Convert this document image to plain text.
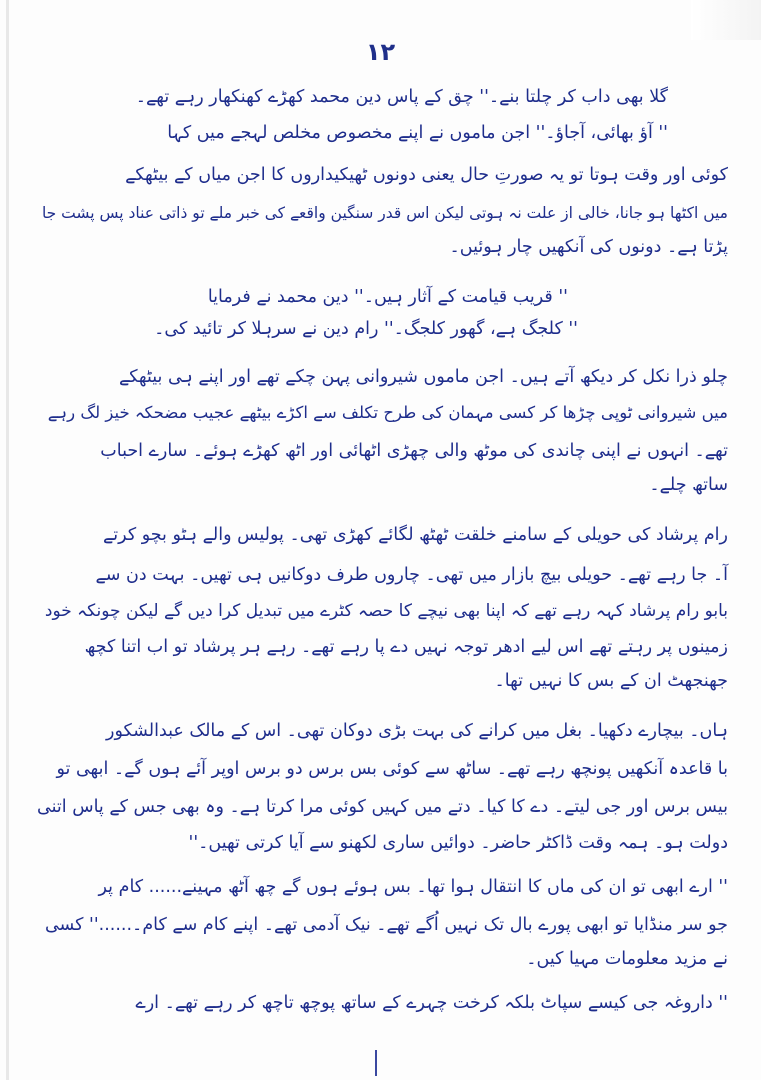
١٢
گلا بھی داب کر چلتا بنے۔'' چق کے پاس دین محمد کھڑے کھنکھار رہے تھے۔
'' آؤ بھائی، آجاؤ۔'' اجن ماموں نے اپنے مخصوص مخلص لہجے میں کہا
کوئی اور وقت ہوتا تو یہ صورتِ حال یعنی دونوں ٹھیکیداروں کا اجن میاں کے بیٹھکے
میں اکٹھا ہو جانا، خالی از علت نہ ہوتی لیکن اس قدر سنگین واقعے کی خبر ملے تو ذاتی عناد پس پشت جا
پڑتا ہے۔ دونوں کی آنکھیں چار ہوئیں۔
'' قریب قیامت کے آثار ہیں۔'' دین محمد نے فرمایا
'' کلجگ ہے، گھور کلجگ۔'' رام دین نے سرہلا کر تائید کی۔
چلو ذرا نکل کر دیکھ آتے ہیں۔ اجن ماموں شیروانی پہن چکے تھے اور اپنے ہی بیٹھکے
میں شیروانی ٹوپی چڑھا کر کسی مہمان کی طرح تکلف سے اکڑے بیٹھے عجیب مضحکہ خیز لگ رہے
تھے۔ انہوں نے اپنی چاندی کی موٹھ والی چھڑی اٹھائی اور اٹھ کھڑے ہوئے۔ سارے احباب
ساتھ چلے۔
رام پرشاد کی حویلی کے سامنے خلقت ٹھٹھ لگائے کھڑی تھی۔ پولیس والے ہٹو بچو کرتے
آ۔ جا رہے تھے۔ حویلی بیچ بازار میں تھی۔ چاروں طرف دوکانیں ہی تھیں۔ بہت دن سے
بابو رام پرشاد کہہ رہے تھے کہ اپنا بھی نیچے کا حصہ کٹرے میں تبدیل کرا دیں گے لیکن چونکہ خود
زمینوں پر رہتے تھے اس لیے ادھر توجہ نہیں دے پا رہے تھے۔ رہے ہر پرشاد تو اب اتنا کچھ
جھنجھٹ ان کے بس کا نہیں تھا۔
ہاں۔ بیچارے دکھیا۔ بغل میں کرانے کی بہت بڑی دوکان تھی۔ اس کے مالک عبدالشکور
با قاعدہ آنکھیں پونچھ رہے تھے۔ ساٹھ سے کوئی بس برس دو برس اوپر آئے ہوں گے۔ ابھی تو
بیس برس اور جی لیتے۔ دے کا کیا۔ دتے میں کہیں کوئی مرا کرتا ہے۔ وہ بھی جس کے پاس اتنی
دولت ہو۔ ہمہ وقت ڈاکٹر حاضر۔ دوائیں ساری لکھنو سے آیا کرتی تھیں۔''
'' ارے ابھی تو ان کی ماں کا انتقال ہوا تھا۔ بس ہوئے ہوں گے چھ آٹھ مہینے...... کام پر
جو سر منڈایا تو ابھی پورے بال تک نہیں اُگے تھے۔ نیک آدمی تھے۔ اپنے کام سے کام۔......'' کسی
نے مزید معلومات مہیا کیں۔
'' داروغہ جی کیسے سپاٹ بلکہ کرخت چہرے کے ساتھ پوچھ تاچھ کر رہے تھے۔ ارے
